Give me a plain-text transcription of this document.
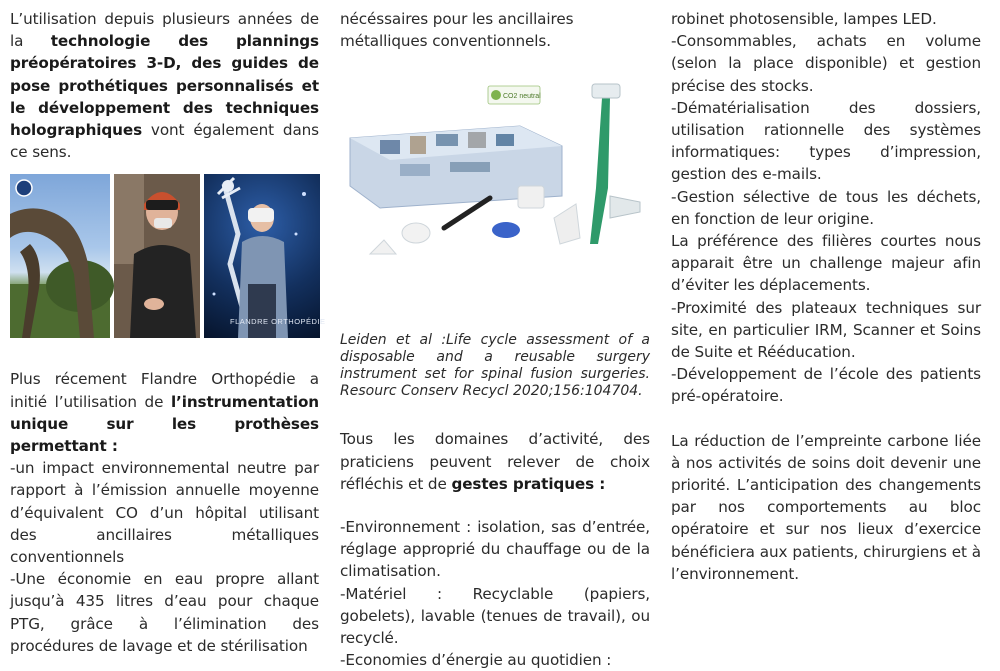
L’utilisation depuis plusieurs années de la technologie des plannings préopératoires 3-D, des guides de pose prothétiques personnalisés et le développement des techniques holographiques vont également dans ce sens.

FLANDRE ORTHOPÉDIE

Plus récement Flandre Orthopédie a initié l’utilisation de l’instrumentation unique sur les prothèses permettant :

-un impact environnemental neutre par rapport à l’émission annuelle moyenne d’équivalent CO d’un hôpital utilisant des ancillaires métalliques conventionnels

-Une économie en eau propre allant jusqu’à 435 litres d’eau pour chaque PTG, grâce à l’élimination des procédures de lavage et de stérilisation

nécéssaires pour les ancillaires métalliques conventionnels.

CO2 neutral

Leiden et al :Life cycle assessment of a disposable and a reusable surgery instrument set for spinal fusion surgeries. Resourc Conserv Recycl 2020;156:104704.

Tous les domaines d’activité, des praticiens peuvent relever de choix réfléchis et de gestes pratiques :

-Environnement : isolation, sas d’entrée, réglage approprié du chauffage ou de la climatisation.

-Matériel : Recyclable (papiers, gobelets), lavable (tenues de travail), ou recyclé.

-Economies d’énergie au quotidien :

robinet photosensible, lampes LED.

-Consommables, achats en volume (selon la place disponible) et gestion précise des stocks.

-Dématérialisation des dossiers, utilisation rationnelle des systèmes informatiques: types d’impression, gestion des e-mails.

-Gestion sélective de tous les déchets, en fonction de leur origine.

La préférence des filières courtes nous apparait être un challenge majeur afin d’éviter les déplacements.

-Proximité des plateaux techniques sur site, en particulier IRM, Scanner et Soins de Suite et Rééducation.

-Développement de l’école des patients pré-opératoire.

La réduction de l’empreinte carbone liée à nos activités de soins doit devenir une priorité. L’anticipation des changements par nos comportements au bloc opératoire et sur nos lieux d’exercice bénéficiera aux patients, chirurgiens et à l’environnement.
